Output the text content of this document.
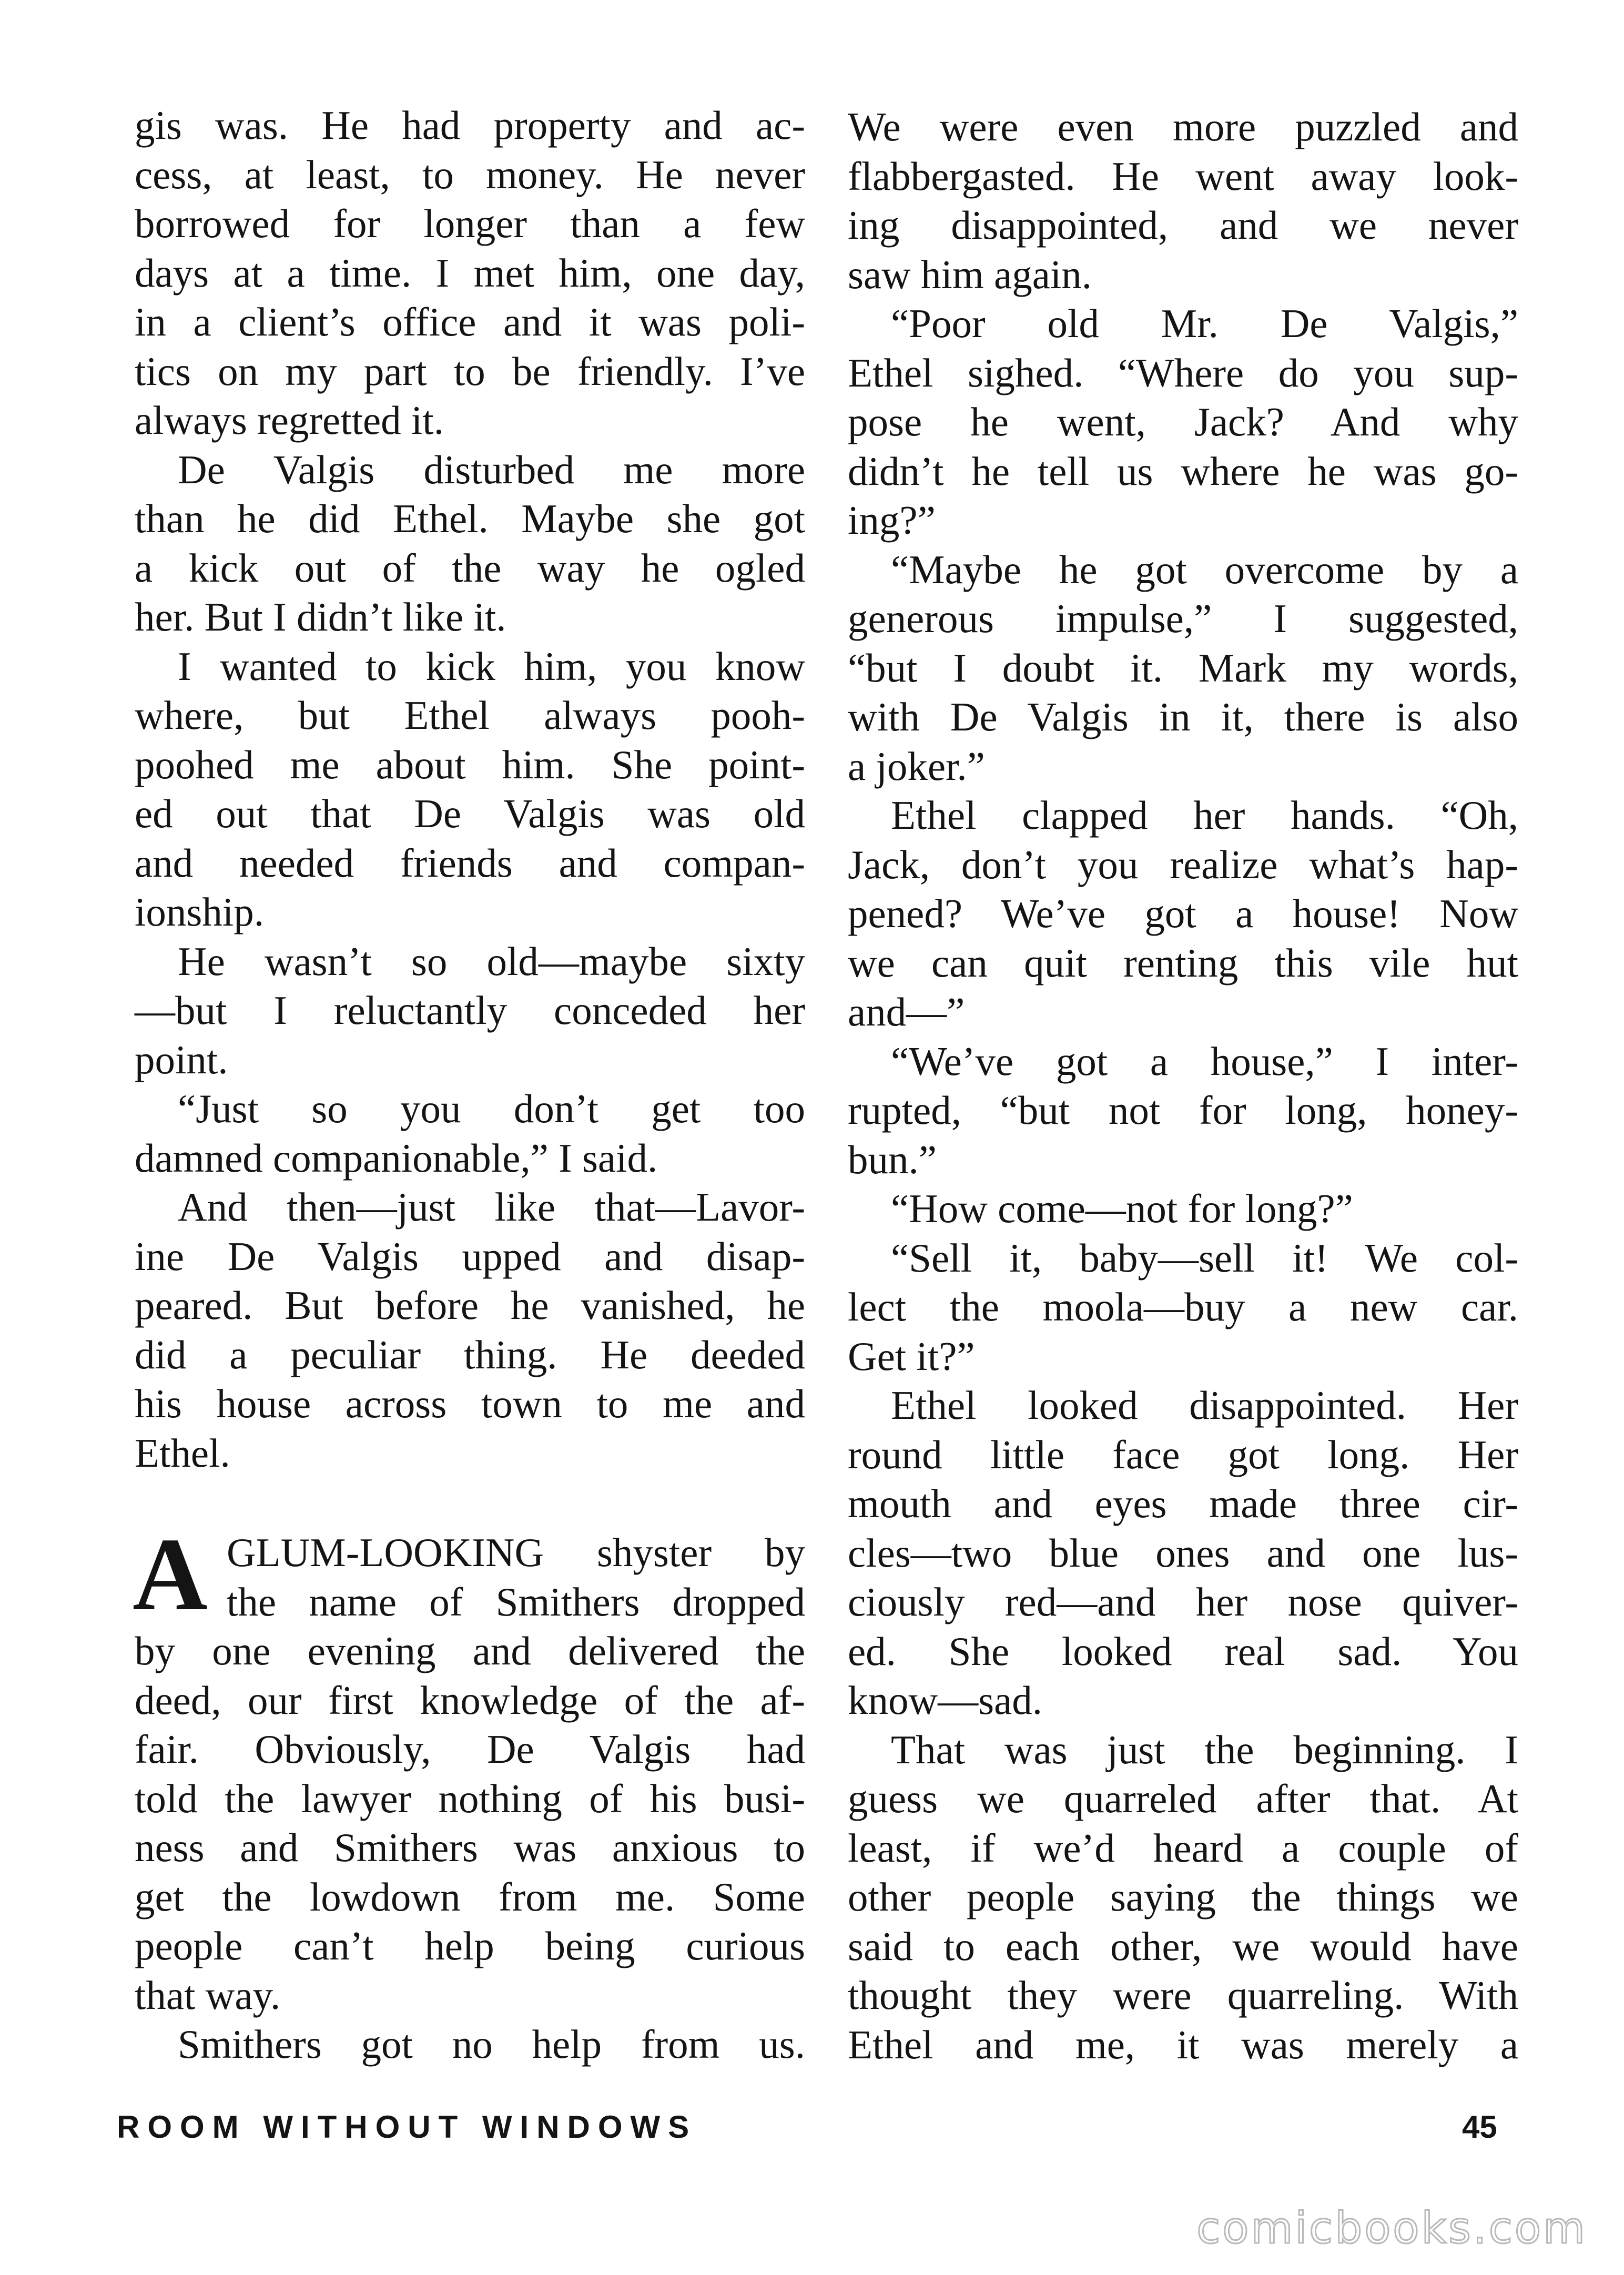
gis was. He had property and ac-
cess, at least, to money. He never
borrowed for longer than a few
days at a time. I met him, one day,
in a client’s office and it was poli-
tics on my part to be friendly. I’ve
always regretted it.
De Valgis disturbed me more
than he did Ethel. Maybe she got
a kick out of the way he ogled
her. But I didn’t like it.
I wanted to kick him, you know
where, but Ethel always pooh-
poohed me about him. She point-
ed out that De Valgis was old
and needed friends and compan-
ionship.
He wasn’t so old—maybe sixty
—but I reluctantly conceded her
point.
“Just so you don’t get too
damned companionable,” I said.
And then—just like that—Lavor-
ine De Valgis upped and disap-
peared. But before he vanished, he
did a peculiar thing. He deeded
his house across town to me and
Ethel.
A GLUM-LOOKING shyster by
the name of Smithers dropped
by one evening and delivered the
deed, our first knowledge of the af-
fair. Obviously, De Valgis had
told the lawyer nothing of his busi-
ness and Smithers was anxious to
get the lowdown from me. Some
people can’t help being curious
that way.
Smithers got no help from us.
We were even more puzzled and
flabbergasted. He went away look-
ing disappointed, and we never
saw him again.
“Poor old Mr. De Valgis,”
Ethel sighed. “Where do you sup-
pose he went, Jack? And why
didn’t he tell us where he was go-
ing?”
“Maybe he got overcome by a
generous impulse,” I suggested,
“but I doubt it. Mark my words,
with De Valgis in it, there is also
a joker.”
Ethel clapped her hands. “Oh,
Jack, don’t you realize what’s hap-
pened? We’ve got a house! Now
we can quit renting this vile hut
and—”
“We’ve got a house,” I inter-
rupted, “but not for long, honey-
bun.”
“How come—not for long?”
“Sell it, baby—sell it! We col-
lect the moola—buy a new car.
Get it?”
Ethel looked disappointed. Her
round little face got long. Her
mouth and eyes made three cir-
cles—two blue ones and one lus-
ciously red—and her nose quiver-
ed. She looked real sad. You
know—sad.
That was just the beginning. I
guess we quarreled after that. At
least, if we’d heard a couple of
other people saying the things we
said to each other, we would have
thought they were quarreling. With
Ethel and me, it was merely a
ROOM WITHOUT WINDOWS	45
comicbooks.com
